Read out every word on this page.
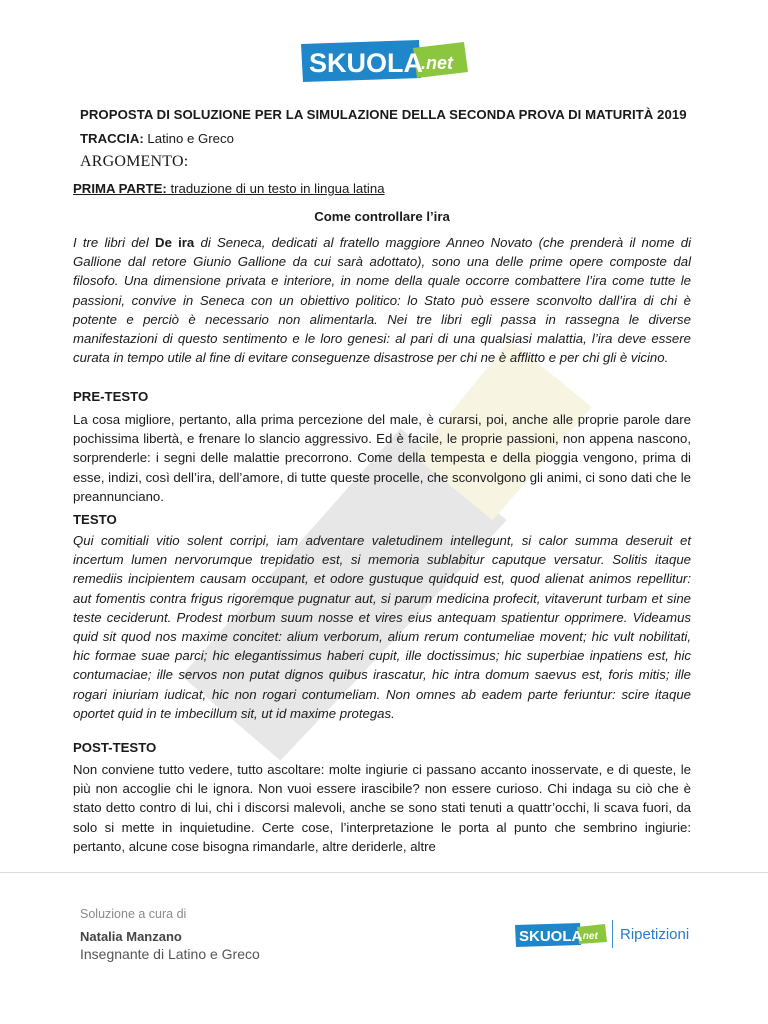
SKUOLA
.net
PROPOSTA DI SOLUZIONE PER LA SIMULAZIONE DELLA SECONDA PROVA DI MATURITÀ 2019
TRACCIA: Latino e Greco
ARGOMENTO:
PRIMA PARTE: traduzione di un testo in lingua latina
Come controllare l’ira
I tre libri del De ira di Seneca, dedicati al fratello maggiore Anneo Novato (che prenderà il nome di Gallione dal retore Giunio Gallione da cui sarà adottato), sono una delle prime opere composte dal filosofo. Una dimensione privata e interiore, in nome della quale occorre combattere l’ira come tutte le passioni, convive in Seneca con un obiettivo politico: lo Stato può essere sconvolto dall’ira di chi è potente e perciò è necessario non alimentarla. Nei tre libri egli passa in rassegna le diverse manifestazioni di questo sentimento e le loro genesi: al pari di una qualsiasi malattia, l’ira deve essere curata in tempo utile al fine di evitare conseguenze disastrose per chi ne è afflitto e per chi gli è vicino.
PRE-TESTO
La cosa migliore, pertanto, alla prima percezione del male, è curarsi, poi, anche alle proprie parole dare pochissima libertà, e frenare lo slancio aggressivo. Ed è facile, le proprie passioni, non appena nascono, sorprenderle: i segni delle malattie precorrono. Come della tempesta e della pioggia vengono, prima di esse, indizi, così dell’ira, dell’amore, di tutte queste procelle, che sconvolgono gli animi, ci sono dati che le preannunciano.
TESTO
Qui comitiali vitio solent corripi, iam adventare valetudinem intellegunt, si calor summa deseruit et incertum lumen nervorumque trepidatio est, si memoria sublabitur caputque versatur. Solitis itaque remediis incipientem causam occupant, et odore gustuque quidquid est, quod alienat animos repellitur: aut fomentis contra frigus rigoremque pugnatur aut, si parum medicina profecit, vitaverunt turbam et sine teste ceciderunt. Prodest morbum suum nosse et vires eius antequam spatientur opprimere. Videamus quid sit quod nos maxime concitet: alium verborum, alium rerum contumeliae movent; hic vult nobilitati, hic formae suae parci; hic elegantissimus haberi cupit, ille doctissimus; hic superbiae inpatiens est, hic contumaciae; ille servos non putat dignos quibus irascatur, hic intra domum saevus est, foris mitis; ille rogari iniuriam iudicat, hic non rogari contumeliam. Non omnes ab eadem parte feriuntur: scire itaque oportet quid in te imbecillum sit, ut id maxime protegas.
POST-TESTO
Non conviene tutto vedere, tutto ascoltare: molte ingiurie ci passano accanto inosservate, e di queste, le più non accoglie chi le ignora. Non vuoi essere irascibile? non essere curioso. Chi indaga su ciò che è stato detto contro di lui, chi i discorsi malevoli, anche se sono stati tenuti a quattr’occhi, li scava fuori, da solo si mette in inquietudine. Certe cose, l’interpretazione le porta al punto che sembrino ingiurie: pertanto, alcune cose bisogna rimandarle, altre deriderle, altre
Soluzione a cura di
Natalia Manzano
Insegnante di Latino e Greco
SKUOLA
.net Ripetizioni
